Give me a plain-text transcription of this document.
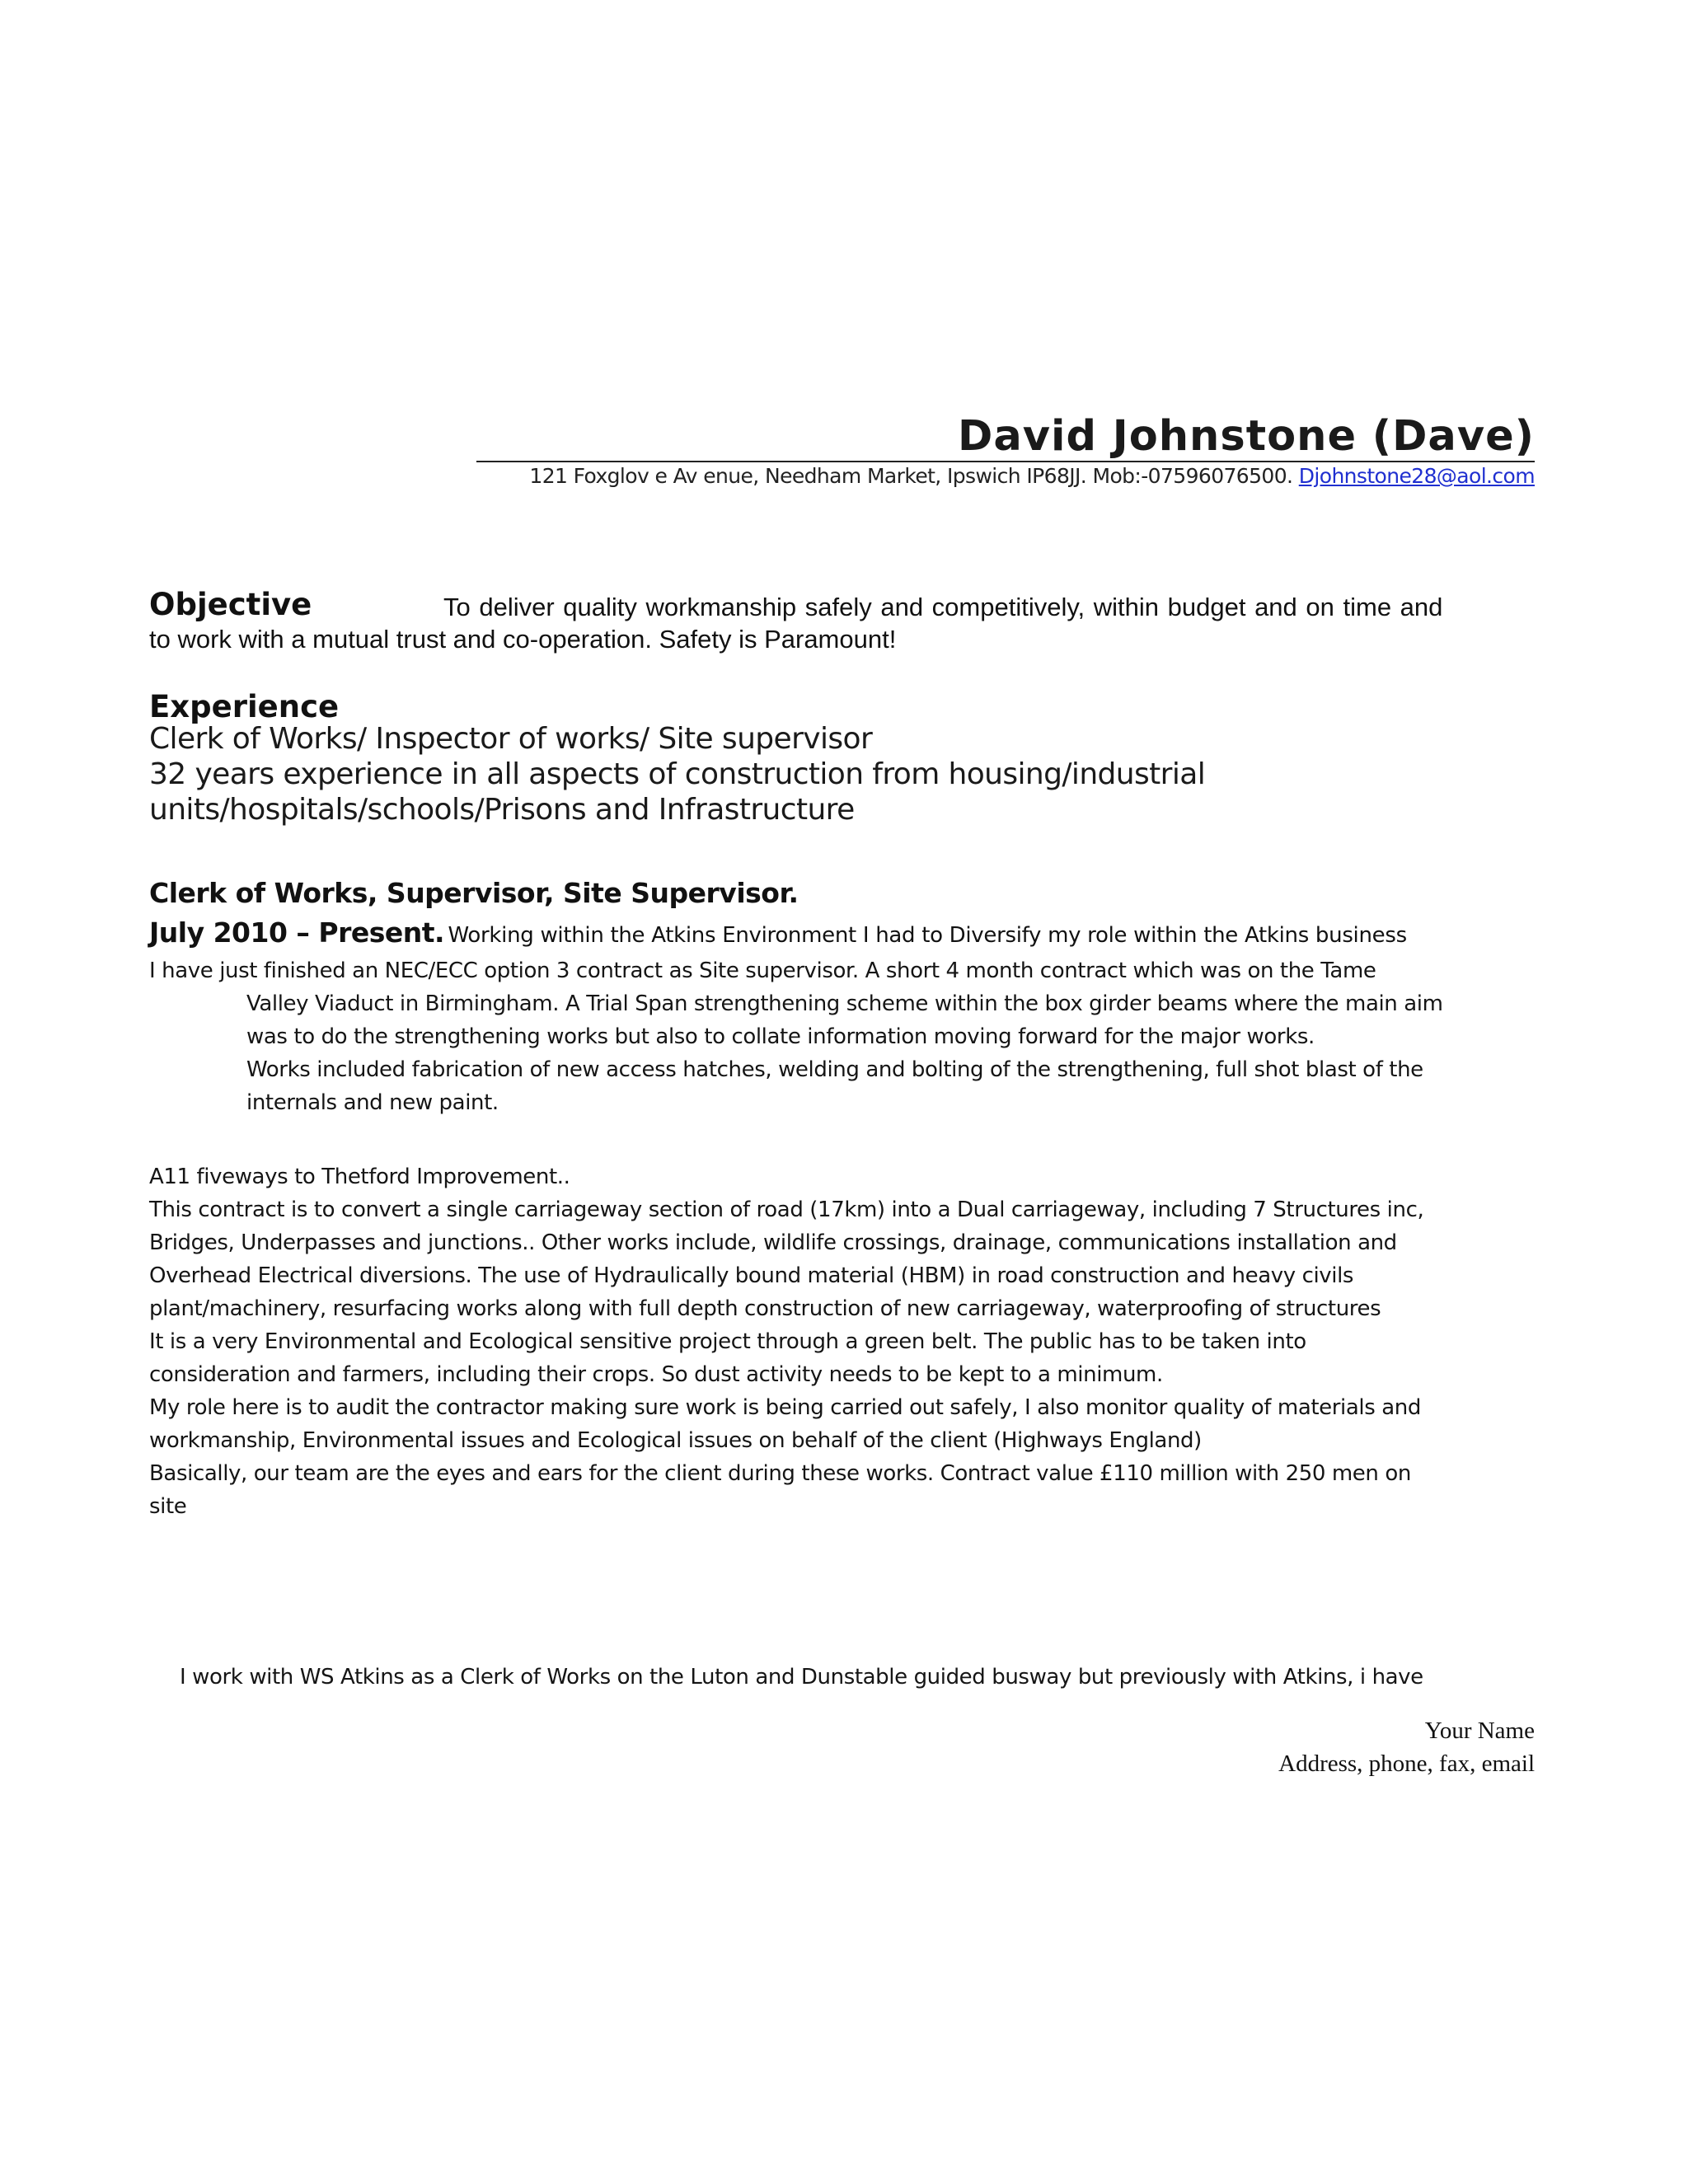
David Johnstone (Dave)
121 Foxglov e Av enue, Needham Market, Ipswich IP68JJ. Mob:-07596076500. Djohnstone28@aol.com
Objective	To deliver quality workmanship safely and competitively, within budget and on time and
to work with a mutual trust and co-operation. Safety is Paramount!
Experience
Clerk of Works/ Inspector of works/ Site supervisor
32 years experience in all aspects of construction from housing/industrial
units/hospitals/schools/Prisons and Infrastructure
Clerk of Works, Supervisor, Site Supervisor.
July 2010 – Present. Working within the Atkins Environment I had to Diversify my role within the Atkins business
I have just finished an NEC/ECC option 3 contract as Site supervisor. A short 4 month contract which was on the Tame
Valley Viaduct in Birmingham. A Trial Span strengthening scheme within the box girder beams where the main aim
was to do the strengthening works but also to collate information moving forward for the major works.
Works included fabrication of new access hatches, welding and bolting of the strengthening, full shot blast of the
internals and new paint.
A11 fiveways to Thetford Improvement..
This contract is to convert a single carriageway section of road (17km) into a Dual carriageway, including 7 Structures inc,
Bridges, Underpasses and junctions.. Other works include, wildlife crossings, drainage, communications installation and
Overhead Electrical diversions. The use of Hydraulically bound material (HBM) in road construction and heavy civils
plant/machinery, resurfacing works along with full depth construction of new carriageway, waterproofing of structures
It is a very Environmental and Ecological sensitive project through a green belt. The public has to be taken into
consideration and farmers, including their crops. So dust activity needs to be kept to a minimum.
My role here is to audit the contractor making sure work is being carried out safely, I also monitor quality of materials and
workmanship, Environmental issues and Ecological issues on behalf of the client (Highways England)
Basically, our team are the eyes and ears for the client during these works. Contract value £110 million with 250 men on
site
I work with WS Atkins as a Clerk of Works on the Luton and Dunstable guided busway but previously with Atkins, i have
Your Name
Address, phone, fax, email
